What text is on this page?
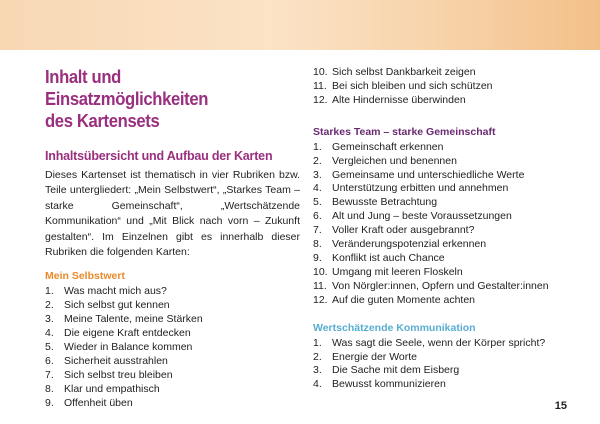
Inhalt und Einsatzmöglichkeiten
des Kartensets
Inhaltsübersicht und Aufbau der Karten

Dieses Kartenset ist thematisch in vier Rubriken bzw. Teile untergliedert: „Mein Selbstwert“, „Starkes Team – starke Gemeinschaft“, „Wertschätzende Kommunikation“ und „Mit Blick nach vorn – Zukunft gestalten“. Im Einzelnen gibt es innerhalb dieser Rubriken die folgenden Karten:

Mein Selbstwert
1. Was macht mich aus?
2. Sich selbst gut kennen
3. Meine Talente, meine Stärken
4. Die eigene Kraft entdecken
5. Wieder in Balance kommen
6. Sicherheit ausstrahlen
7. Sich selbst treu bleiben
8. Klar und empathisch
9. Offenheit üben
10. Sich selbst Dankbarkeit zeigen
11. Bei sich bleiben und sich schützen
12. Alte Hindernisse überwinden
Starkes Team – starke Gemeinschaft
1. Gemeinschaft erkennen
2. Vergleichen und benennen
3. Gemeinsame und unterschiedliche Werte
4. Unterstützung erbitten und annehmen
5. Bewusste Betrachtung
6. Alt und Jung – beste Voraussetzungen
7. Voller Kraft oder ausgebrannt?
8. Veränderungspotenzial erkennen
9. Konflikt ist auch Chance
10. Umgang mit leeren Floskeln
11. Von Nörgler:innen, Opfern und Gestalter:innen
12. Auf die guten Momente achten
Wertschätzende Kommunikation
1. Was sagt die Seele, wenn der Körper spricht?
2. Energie der Worte
3. Die Sache mit dem Eisberg
4. Bewusst kommunizieren
15
